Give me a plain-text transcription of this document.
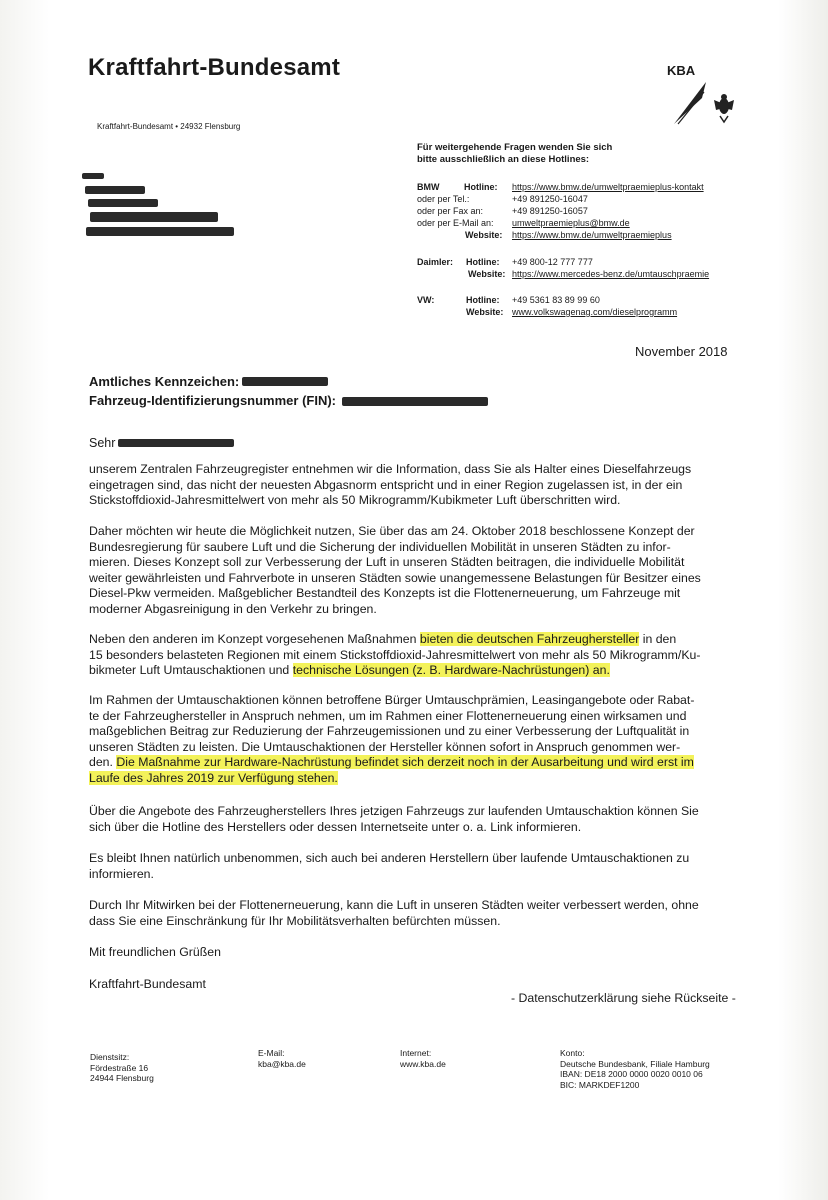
Kraftfahrt-Bundesamt	KBA
Kraftfahrt-Bundesamt • 24932 Flensburg
Für weitergehende Fragen wenden Sie sich
bitte ausschließlich an diese Hotlines:
BMW	Hotline: https://www.bmw.de/umweltpraemieplus-kontakt
oder per Tel.:	+49 891250-16047
oder per Fax an:	+49 891250-16057
oder per E-Mail an: umweltpraemieplus@bmw.de
Website: https://www.bmw.de/umweltpraemieplus
Daimler: Hotline: +49 800-12 777 777
Website: https://www.mercedes-benz.de/umtauschpraemie
VW:	Hotline: +49 5361 83 89 99 60
Website: www.volkswagenag.com/dieselprogramm
November 2018
Amtliches Kennzeichen:
Fahrzeug-Identifizierungsnummer (FIN):
Sehr
unserem Zentralen Fahrzeugregister entnehmen wir die Information, dass Sie als Halter eines Dieselfahrzeugs
eingetragen sind, das nicht der neuesten Abgasnorm entspricht und in einer Region zugelassen ist, in der ein
Stickstoffdioxid-Jahresmittelwert von mehr als 50 Mikrogramm/Kubikmeter Luft überschritten wird.
Daher möchten wir heute die Möglichkeit nutzen, Sie über das am 24. Oktober 2018 beschlossene Konzept der
Bundesregierung für saubere Luft und die Sicherung der individuellen Mobilität in unseren Städten zu infor-
mieren. Dieses Konzept soll zur Verbesserung der Luft in unseren Städten beitragen, die individuelle Mobilität
weiter gewährleisten und Fahrverbote in unseren Städten sowie unangemessene Belastungen für Besitzer eines
Diesel-Pkw vermeiden. Maßgeblicher Bestandteil des Konzepts ist die Flottenerneuerung, um Fahrzeuge mit
moderner Abgasreinigung in den Verkehr zu bringen.
Neben den anderen im Konzept vorgesehenen Maßnahmen bieten die deutschen Fahrzeughersteller in den
15 besonders belasteten Regionen mit einem Stickstoffdioxid-Jahresmittelwert von mehr als 50 Mikrogramm/Ku-
bikmeter Luft Umtauschaktionen und technische Lösungen (z. B. Hardware-Nachrüstungen) an.
Im Rahmen der Umtauschaktionen können betroffene Bürger Umtauschprämien, Leasingangebote oder Rabat-
te der Fahrzeughersteller in Anspruch nehmen, um im Rahmen einer Flottenerneuerung einen wirksamen und
maßgeblichen Beitrag zur Reduzierung der Fahrzeugemissionen und zu einer Verbesserung der Luftqualität in
unseren Städten zu leisten. Die Umtauschaktionen der Hersteller können sofort in Anspruch genommen wer-
den. Die Maßnahme zur Hardware-Nachrüstung befindet sich derzeit noch in der Ausarbeitung und wird erst im
Laufe des Jahres 2019 zur Verfügung stehen.
Über die Angebote des Fahrzeugherstellers Ihres jetzigen Fahrzeugs zur laufenden Umtauschaktion können Sie
sich über die Hotline des Herstellers oder dessen Internetseite unter o. a. Link informieren.
Es bleibt Ihnen natürlich unbenommen, sich auch bei anderen Herstellern über laufende Umtauschaktionen zu
informieren.
Durch Ihr Mitwirken bei der Flottenerneuerung, kann die Luft in unseren Städten weiter verbessert werden, ohne
dass Sie eine Einschränkung für Ihr Mobilitätsverhalten befürchten müssen.
Mit freundlichen Grüßen
Kraftfahrt-Bundesamt
- Datenschutzerklärung siehe Rückseite -
Dienstsitz:
Fördestraße 16
24944 Flensburg
E-Mail:
kba@kba.de
Internet:
www.kba.de
Konto:
Deutsche Bundesbank, Filiale Hamburg
IBAN: DE18 2000 0000 0020 0010 06
BIC: MARKDEF1200
